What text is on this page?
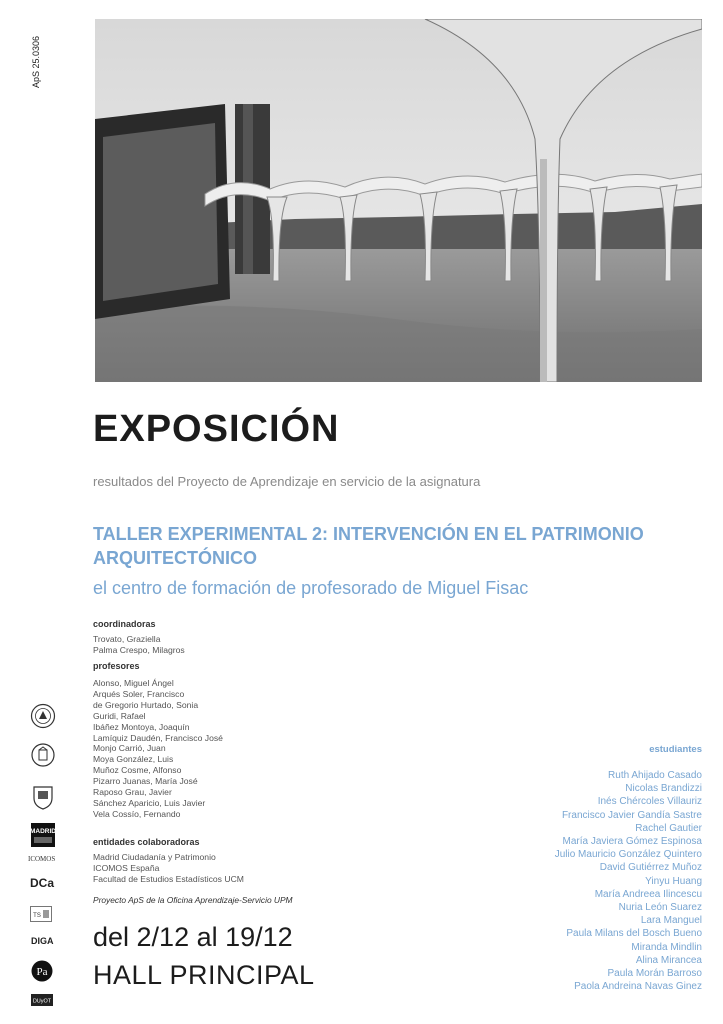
ApS 25.0306
EXPOSICIÓN
resultados del Proyecto de Aprendizaje en servicio de la asignatura
TALLER EXPERIMENTAL 2: INTERVENCIÓN EN EL PATRIMONIO ARQUITECTÓNICO
el centro de formación de profesorado de Miguel Fisac
coordinadoras
Trovato, Graziella
Palma Crespo, Milagros
profesores
Alonso, Miguel Ángel
Arqués Soler, Francisco
de Gregorio Hurtado, Sonia
Guridi, Rafael
Ibáñez Montoya, Joaquín
Lamíquiz Daudén, Francisco José
Monjo Carrió, Juan
Moya González, Luis
Muñoz Cosme, Alfonso
Pizarro Juanas, María José
Raposo Grau, Javier
Sánchez Aparicio, Luis Javier
Vela Cossío, Fernando
entidades colaboradoras
Madrid Ciudadanía y Patrimonio
ICOMOS España
Facultad de Estudios Estadísticos UCM
Proyecto ApS de la Oficina Aprendizaje-Servicio UPM
del 2/12 al 19/12
HALL PRINCIPAL
estudiantes
Ruth Ahijado Casado
Nicolas Brandizzi
Inés Chércoles Villauriz
Francisco Javier Gandía Sastre
Rachel Gautier
María Javiera Gómez Espinosa
Julio Mauricio González Quintero
David Gutiérrez Muñoz
Yinyu Huang
María Andreea Ilincescu
Nuria León Suarez
Lara Manguel
Paula Milans del Bosch Bueno
Miranda Mindlin
Alina Mirancea
Paula Morán Barroso
Paola Andreina Navas Ginez
MADRID
ICOMOS
DCa
TS
DIGA
Pa
DUyOT
